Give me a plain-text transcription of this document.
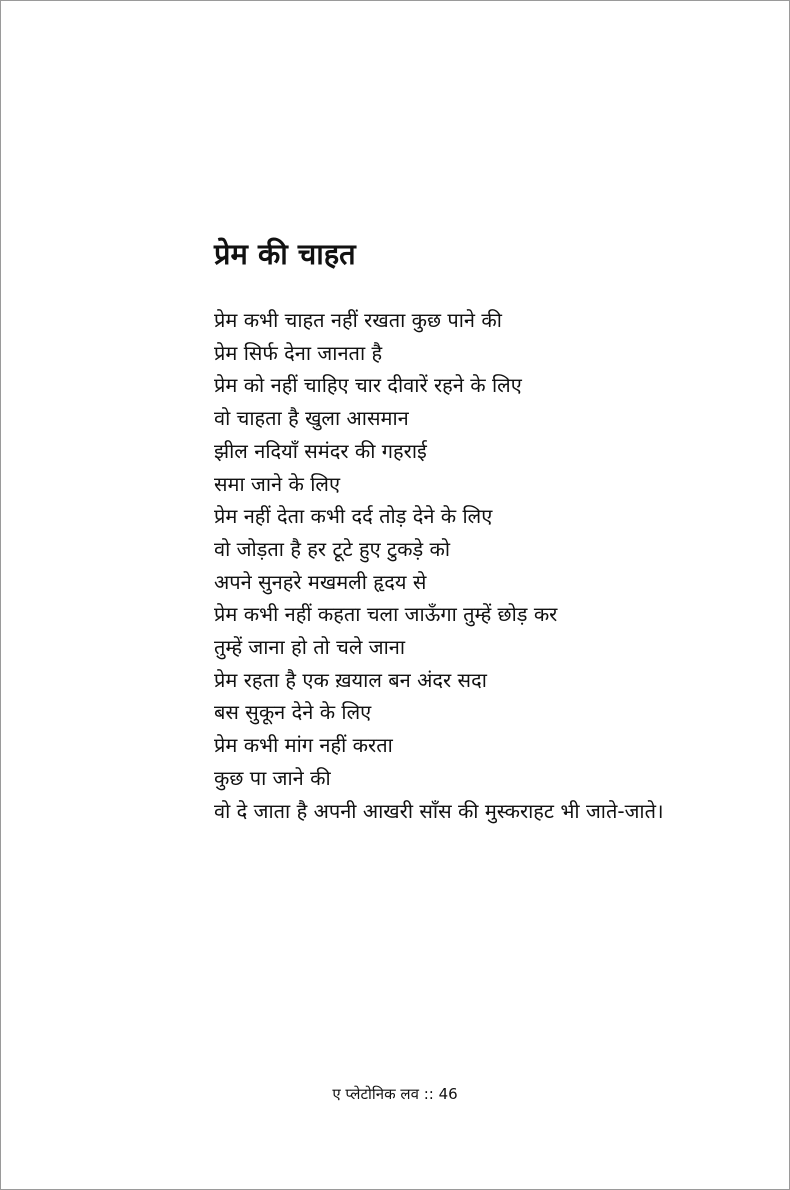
प्रेम की चाहत
प्रेम कभी चाहत नहीं रखता कुछ पाने की
प्रेम सिर्फ देना जानता है
प्रेम को नहीं चाहिए चार दीवारें रहने के लिए
वो चाहता है खुला आसमान
झील नदियाँ समंदर की गहराई
समा जाने के लिए
प्रेम नहीं देता कभी दर्द तोड़ देने के लिए
वो जोड़ता है हर टूटे हुए टुकड़े को
अपने सुनहरे मखमली हृदय से
प्रेम कभी नहीं कहता चला जाऊँगा तुम्हें छोड़ कर
तुम्हें जाना हो तो चले जाना
प्रेम रहता है एक ख़याल बन अंदर सदा
बस सुकून देने के लिए
प्रेम कभी मांग नहीं करता
कुछ पा जाने की
वो दे जाता है अपनी आखरी साँस की मुस्कराहट भी जाते-जाते।
ए प्लेटोनिक लव :: 46
